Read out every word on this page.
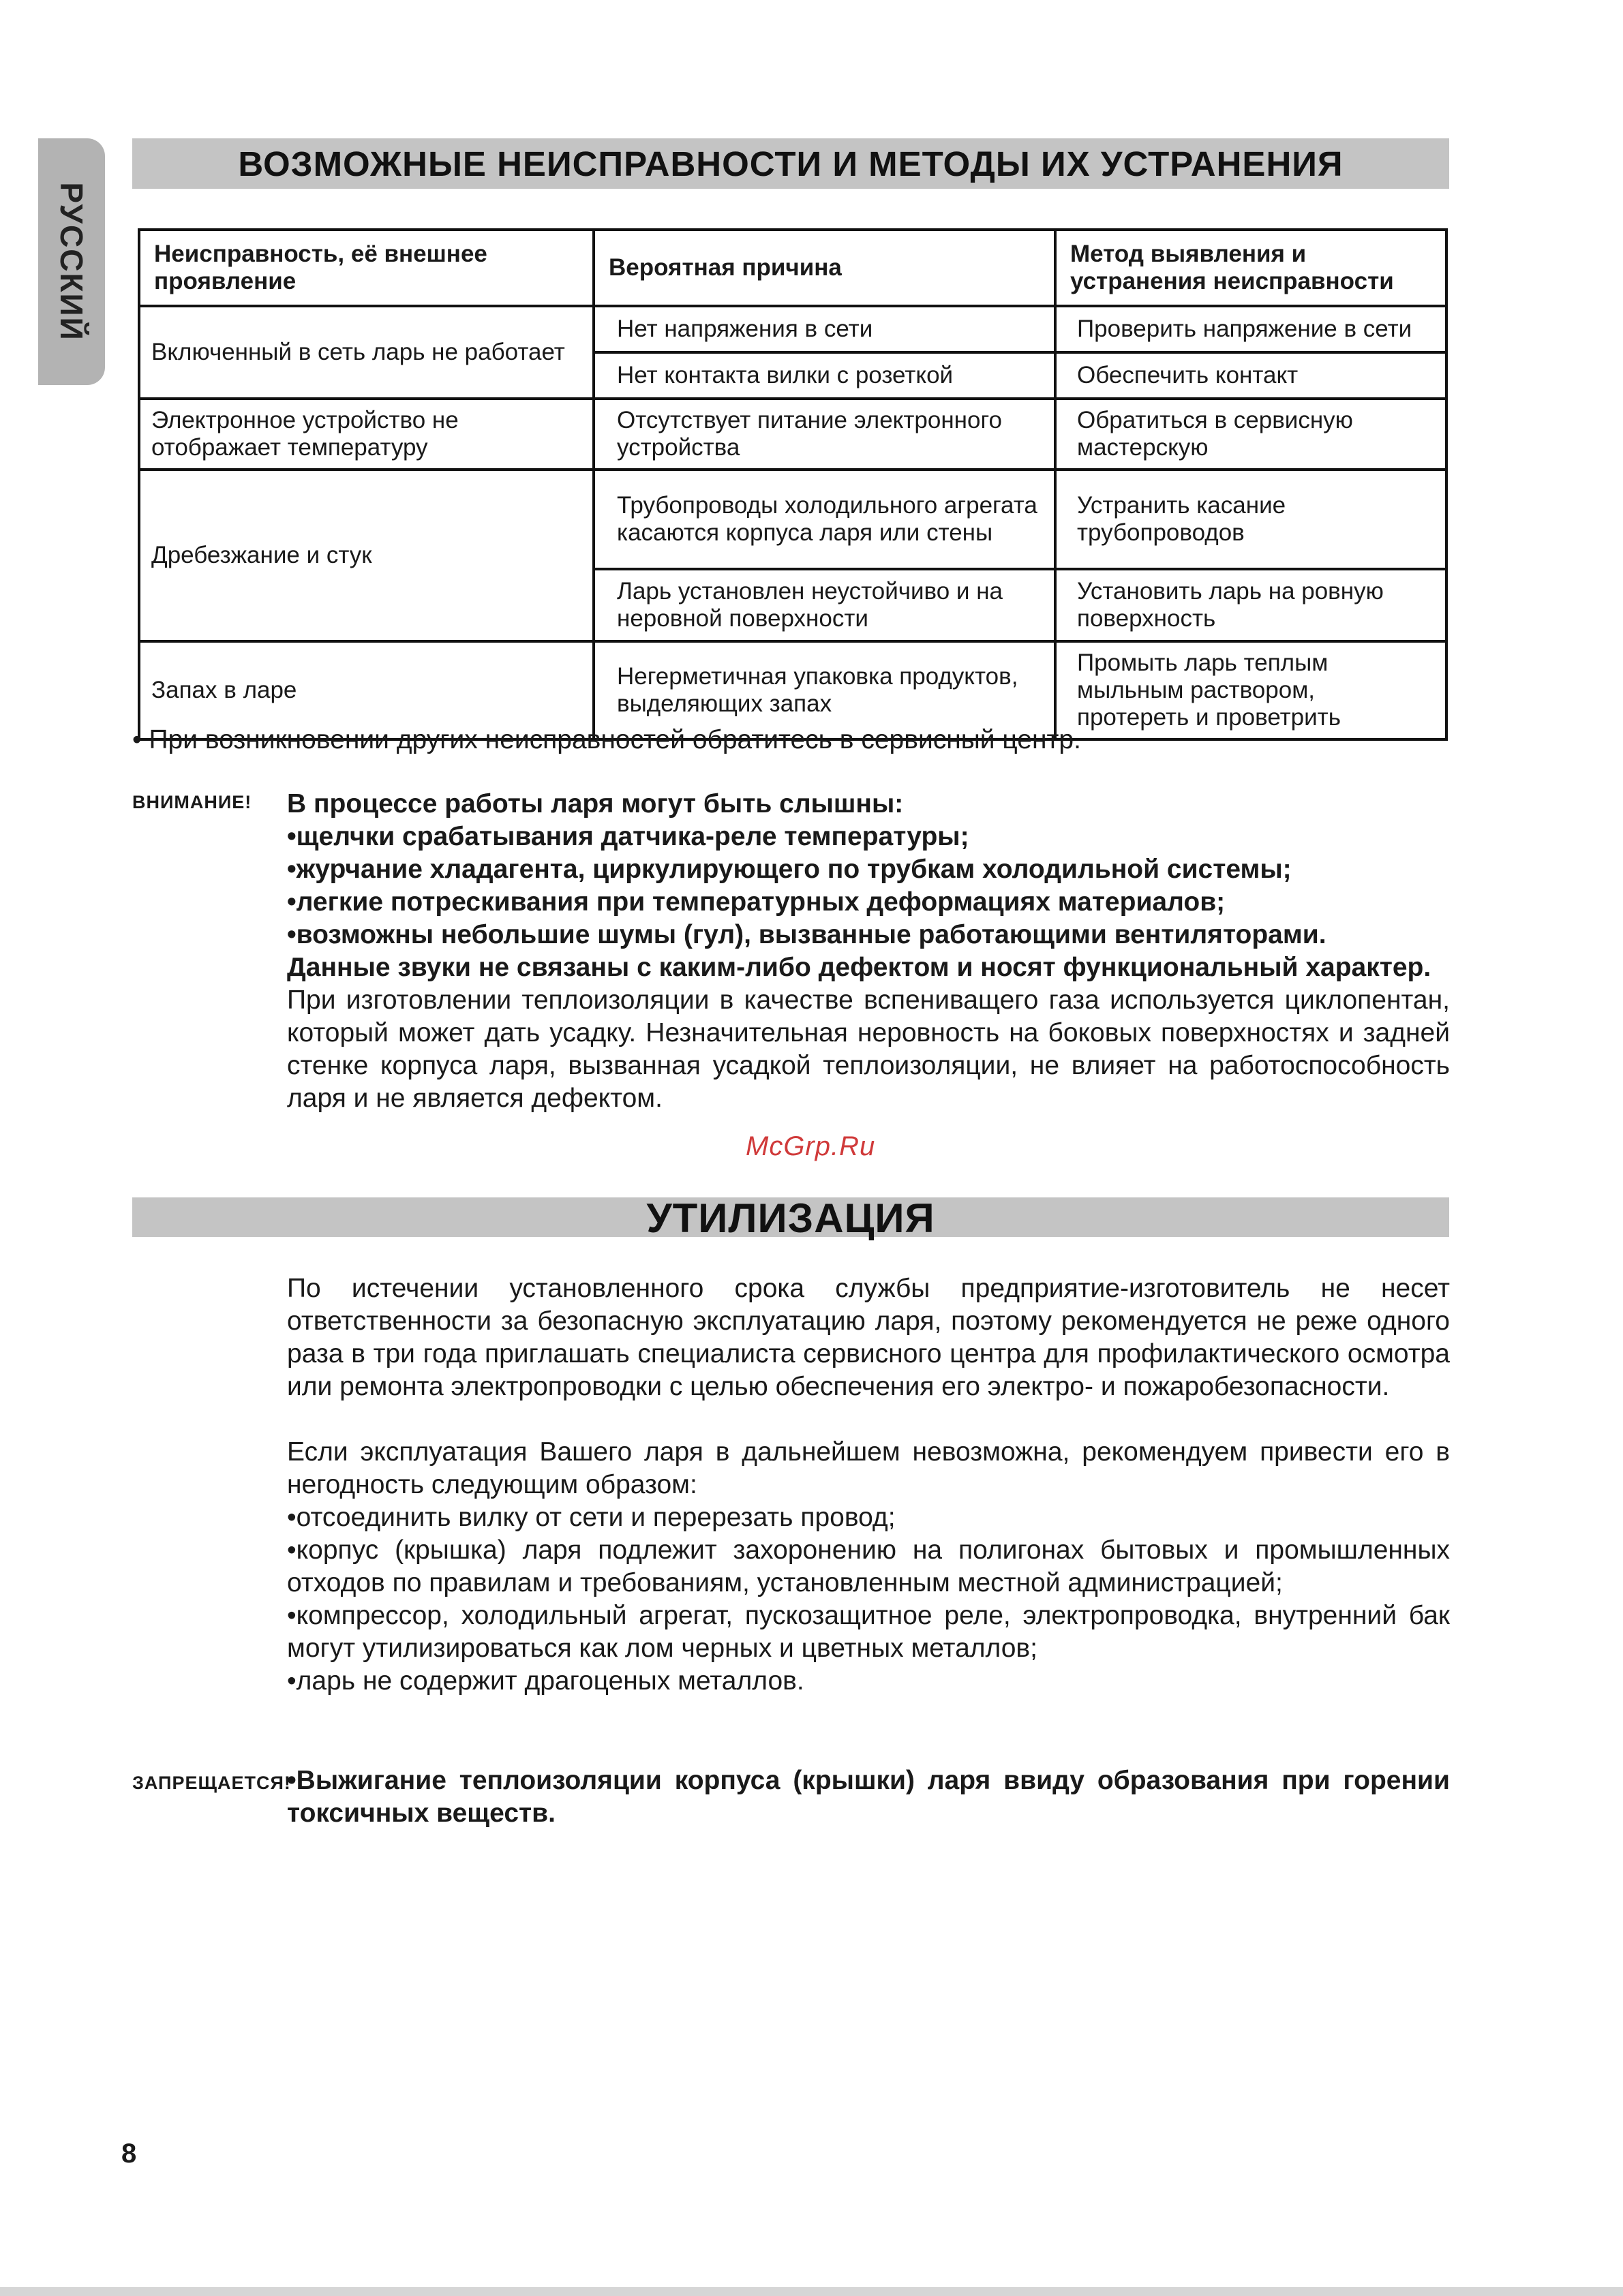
РУССКИЙ
ВОЗМОЖНЫЕ НЕИСПРАВНОСТИ И МЕТОДЫ ИХ УСТРАНЕНИЯ
Неисправность, её внешнее проявление	Вероятная причина	Метод выявления и устранения неисправности
Включенный в сеть ларь не работает	Нет напряжения в сети	Проверить напряжение в сети
	Нет контакта вилки с розеткой	Обеспечить контакт
Электронное устройство не отображает температуру	Отсутствует питание электронного устройства	Обратиться в сервисную мастерскую
Дребезжание и стук	Трубопроводы холодильного агрегата касаются корпуса ларя или стены	Устранить касание трубопроводов
	Ларь установлен неустойчиво и на неровной поверхности	Установить ларь на ровную поверхность
Запах в ларе	Негерметичная упаковка продуктов, выделяющих запах	Промыть ларь теплым мыльным раствором, протереть и проветрить
• При возникновении других неисправностей обратитесь в сервисный центр.
ВНИМАНИЕ! В процессе работы ларя могут быть слышны:

•щелчки срабатывания датчика-реле температуры;

•журчание хладагента, циркулирующего по трубкам холодильной системы;

•легкие потрескивания при температурных деформациях материалов;

•возможны небольшие шумы (гул), вызванные работающими вентиляторами.

Данные звуки не связаны с каким-либо дефектом и носят функциональный характер.

При изготовлении теплоизоляции в качестве вспениващего газа используется циклопентан, который может дать усадку. Незначительная неровность на боковых поверхностях и задней стенке корпуса ларя, вызванная усадкой теплоизоляции, не влияет на работоспособность ларя и не является дефектом.

McGrp.Ru
УТИЛИЗАЦИЯ

По истечении установленного срока службы предприятие-изготовитель не несет ответственности за безопасную эксплуатацию ларя, поэтому рекомендуется не реже одного раза в три года приглашать специалиста сервисного центра для профилактического осмотра или ремонта электропроводки с целью обеспечения его электро- и пожаробезопасности.

Если эксплуатация Вашего ларя в дальнейшем невозможна, рекомендуем привести его в негодность следующим образом:

•отсоединить вилку от сети и перерезать провод;

•корпус (крышка) ларя подлежит захоронению на полигонах бытовых и промышленных отходов по правилам и требованиям, установленным местной администрацией;

•компрессор, холодильный агрегат, пускозащитное реле, электропроводка, внутренний бак могут утилизироваться как лом черных и цветных металлов;

•ларь не содержит драгоценых металлов.

ЗАПРЕЩАЕТСЯ!

•Выжигание теплоизоляции корпуса (крышки) ларя ввиду образования при горении токсичных веществ.

8
